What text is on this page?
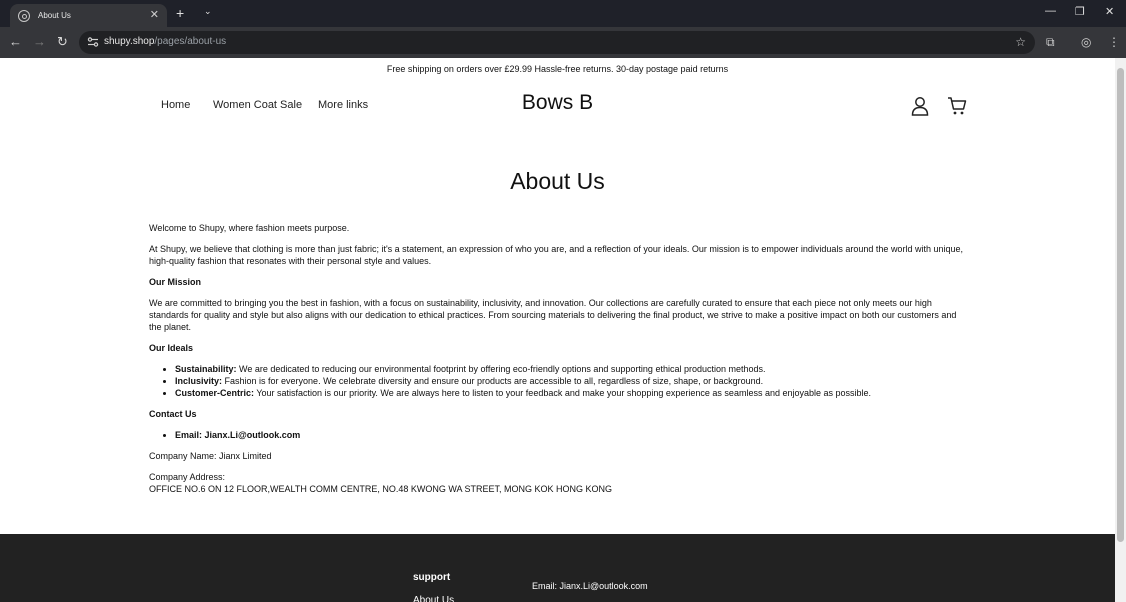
About Us	✕ + ⌄	— ❐ ✕
← → ↻	shupy.shop/pages/about-us	☆ ⧉ ◎ ⋮
Free shipping on orders over £29.99 Hassle-free returns. 30-day postage paid returns
Home Women Coat Sale More links	Bows B
About Us

Welcome to Shupy, where fashion meets purpose.

At Shupy, we believe that clothing is more than just fabric; it's a statement, an expression of who you are, and a reflection of your ideals. Our mission is to empower individuals around the world with unique, high-quality fashion that resonates with their personal style and values.

Our Mission

We are committed to bringing you the best in fashion, with a focus on sustainability, inclusivity, and innovation. Our collections are carefully curated to ensure that each piece not only meets our high standards for quality and style but also aligns with our dedication to ethical practices. From sourcing materials to delivering the final product, we strive to make a positive impact on both our customers and the planet.

Our Ideals
• Sustainability: We are dedicated to reducing our environmental footprint by offering eco-friendly options and supporting ethical production methods.
• Inclusivity: Fashion is for everyone. We celebrate diversity and ensure our products are accessible to all, regardless of size, shape, or background.
• Customer-Centric: Your satisfaction is our priority. We are always here to listen to your feedback and make your shopping experience as seamless and enjoyable as possible.
Contact Us
• Email: Jianx.Li@outlook.com

Company Name: Jianx Limited

Company Address:
OFFICE NO.6 ON 12 FLOOR,WEALTH COMM CENTRE, NO.48 KWONG WA STREET, MONG KOK HONG KONG

support
Email: Jianx.Li@outlook.com
About Us
